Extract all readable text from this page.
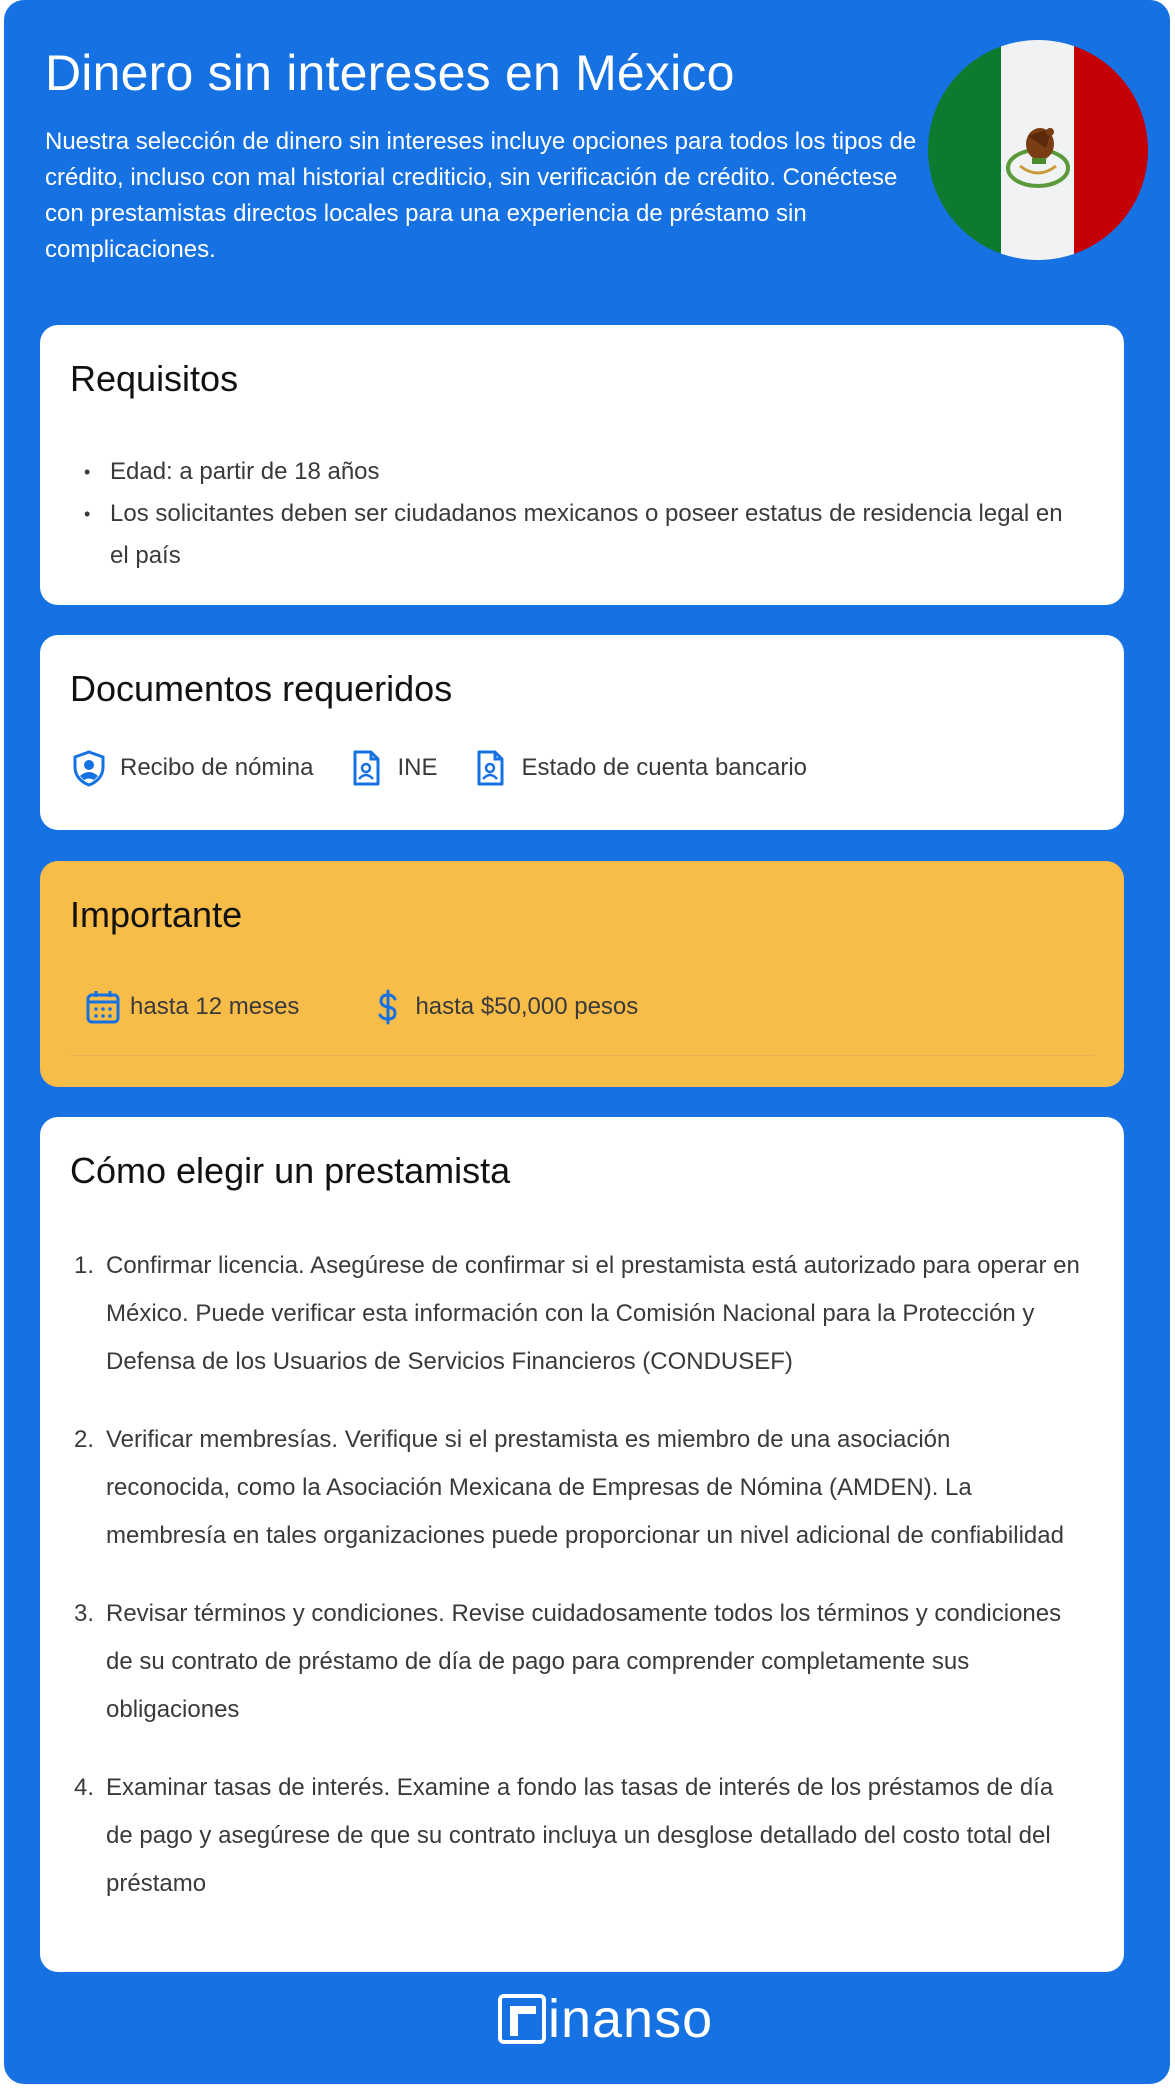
Dinero sin intereses en México

Nuestra selección de dinero sin intereses incluye opciones para todos los tipos de crédito, incluso con mal historial crediticio, sin verificación de crédito. Conéctese con prestamistas directos locales para una experiencia de préstamo sin complicaciones.

Requisitos
• Edad: a partir de 18 años
• Los solicitantes deben ser ciudadanos mexicanos o poseer estatus de residencia legal en el país
Documentos requeridos
Recibo de nómina	INE	Estado de cuenta bancario
Importante
hasta 12 meses	hasta $50,000 pesos
Cómo elegir un prestamista
1. Confirmar licencia. Asegúrese de confirmar si el prestamista está autorizado para operar en México. Puede verificar esta información con la Comisión Nacional para la Protección y Defensa de los Usuarios de Servicios Financieros (CONDUSEF)
2. Verificar membresías. Verifique si el prestamista es miembro de una asociación reconocida, como la Asociación Mexicana de Empresas de Nómina (AMDEN). La membresía en tales organizaciones puede proporcionar un nivel adicional de confiabilidad
3. Revisar términos y condiciones. Revise cuidadosamente todos los términos y condiciones de su contrato de préstamo de día de pago para comprender completamente sus obligaciones
4. Examinar tasas de interés. Examine a fondo las tasas de interés de los préstamos de día de pago y asegúrese de que su contrato incluya un desglose detallado del costo total del préstamo
inanso
